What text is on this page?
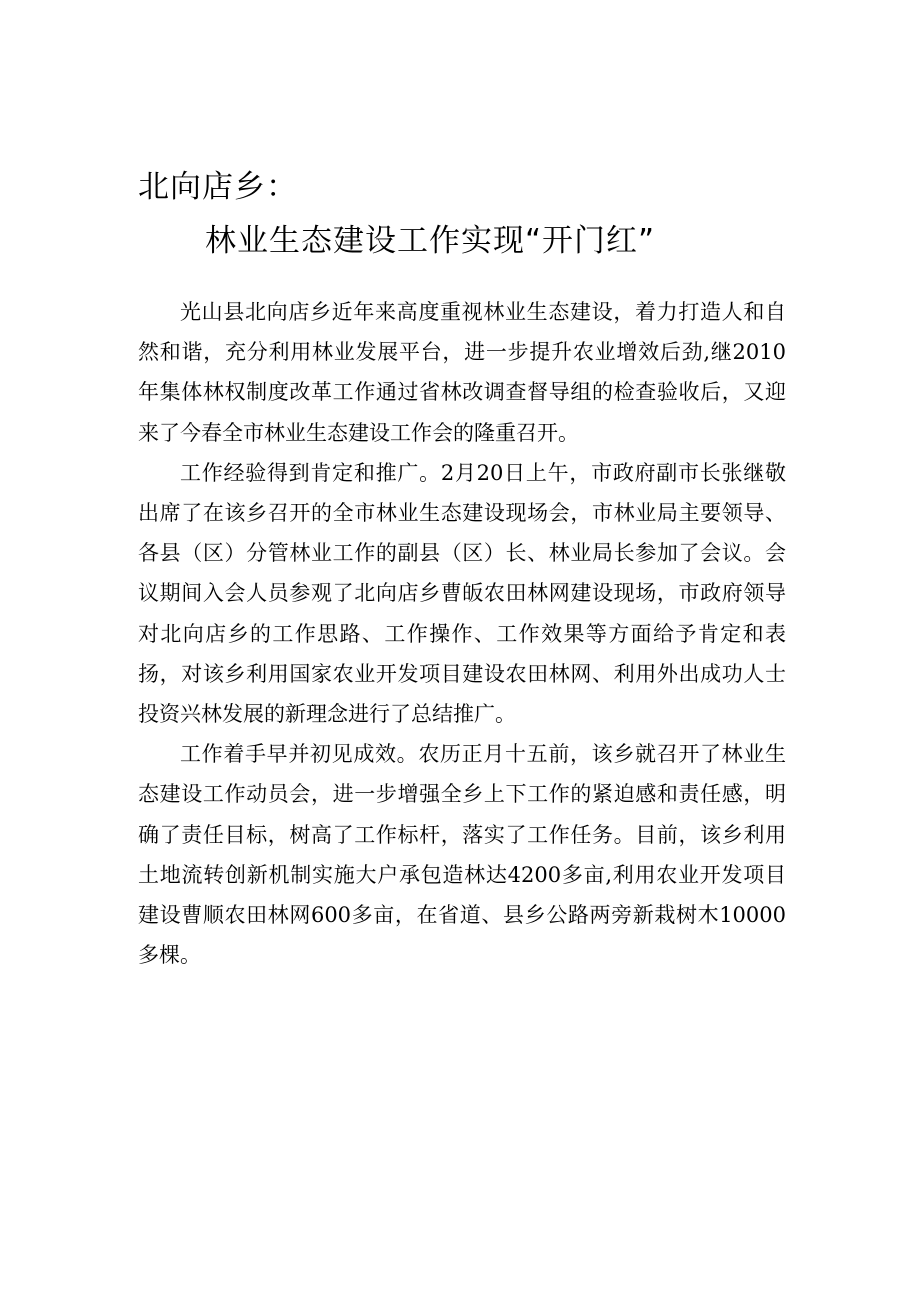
北向店乡：
林业生态建设工作实现“开门红”

光山县北向店乡近年来高度重视林业生态建设，着力打造人和自然和谐，充分利用林业发展平台，进一步提升农业增效后劲,继2010年集体林权制度改革工作通过省林改调查督导组的检查验收后，又迎来了今春全市林业生态建设工作会的隆重召开。

工作经验得到肯定和推广。2月20日上午，市政府副市长张继敬出席了在该乡召开的全市林业生态建设现场会，市林业局主要领导、各县（区）分管林业工作的副县（区）长、林业局长参加了会议。会议期间入会人员参观了北向店乡曹皈农田林网建设现场，市政府领导对北向店乡的工作思路、工作操作、工作效果等方面给予肯定和表扬，对该乡利用国家农业开发项目建设农田林网、利用外出成功人士投资兴林发展的新理念进行了总结推广。

工作着手早并初见成效。农历正月十五前，该乡就召开了林业生态建设工作动员会，进一步增强全乡上下工作的紧迫感和责任感，明确了责任目标，树高了工作标杆，落实了工作任务。目前，该乡利用土地流转创新机制实施大户承包造林达4200多亩,利用农业开发项目建设曹顺农田林网600多亩，在省道、县乡公路两旁新栽树木10000多棵。
